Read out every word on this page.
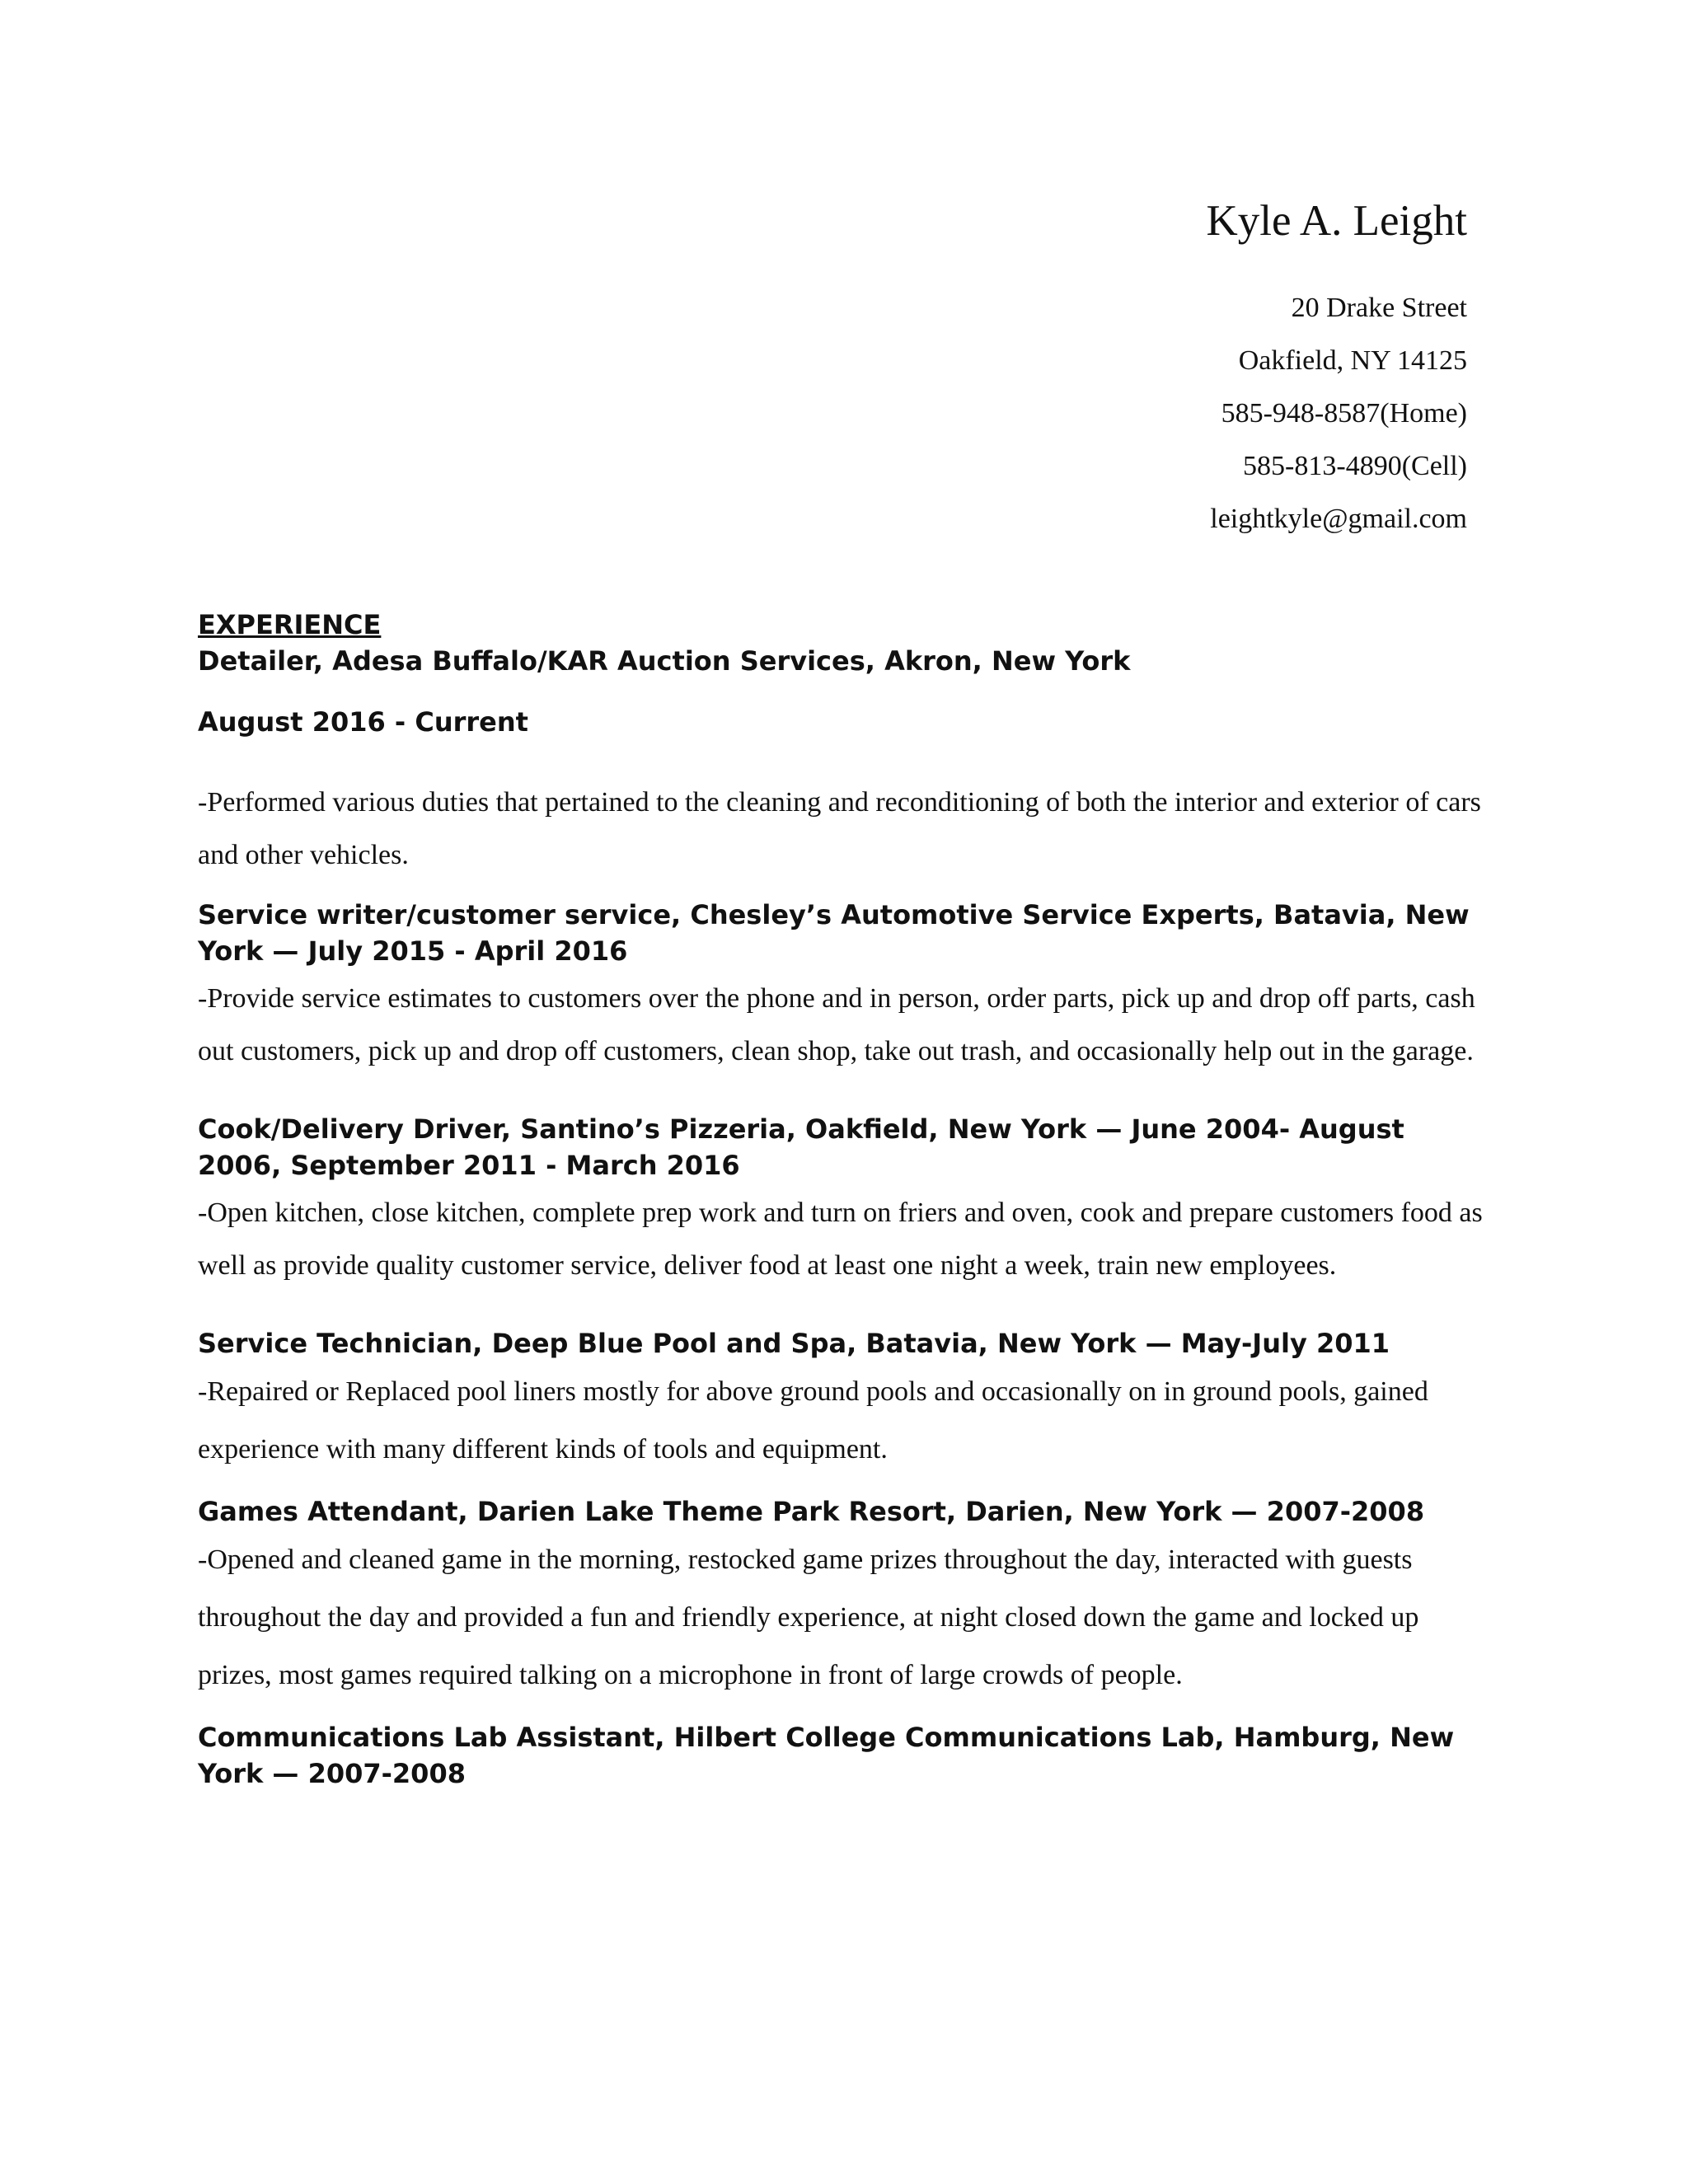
Kyle A. Leight
20 Drake Street
Oakfield, NY 14125
585-948-8587(Home)
585-813-4890(Cell)
leightkyle@gmail.com
EXPERIENCE
Detailer, Adesa Buffalo/KAR Auction Services, Akron, New York
August 2016 - Current
-Performed various duties that pertained to the cleaning and reconditioning of both the interior and exterior of cars and other vehicles.
Service writer/customer service, Chesley’s Automotive Service Experts, Batavia, New York — July 2015 - April 2016
-Provide service estimates to customers over the phone and in person, order parts, pick up and drop off parts, cash out customers, pick up and drop off customers, clean shop, take out trash, and occasionally help out in the garage.
Cook/Delivery Driver, Santino’s Pizzeria, Oakfield, New York — June 2004- August 2006, September 2011 - March 2016
-Open kitchen, close kitchen, complete prep work and turn on friers and oven, cook and prepare customers food as well as provide quality customer service, deliver food at least one night a week, train new employees.
Service Technician, Deep Blue Pool and Spa, Batavia, New York — May-July 2011
-Repaired or Replaced pool liners mostly for above ground pools and occasionally on in ground pools, gained experience with many different kinds of tools and equipment.
Games Attendant, Darien Lake Theme Park Resort, Darien, New York — 2007-2008
-Opened and cleaned game in the morning, restocked game prizes throughout the day, interacted with guests throughout the day and provided a fun and friendly experience, at night closed down the game and locked up prizes, most games required talking on a microphone in front of large crowds of people.
Communications Lab Assistant, Hilbert College Communications Lab, Hamburg, New York — 2007-2008
